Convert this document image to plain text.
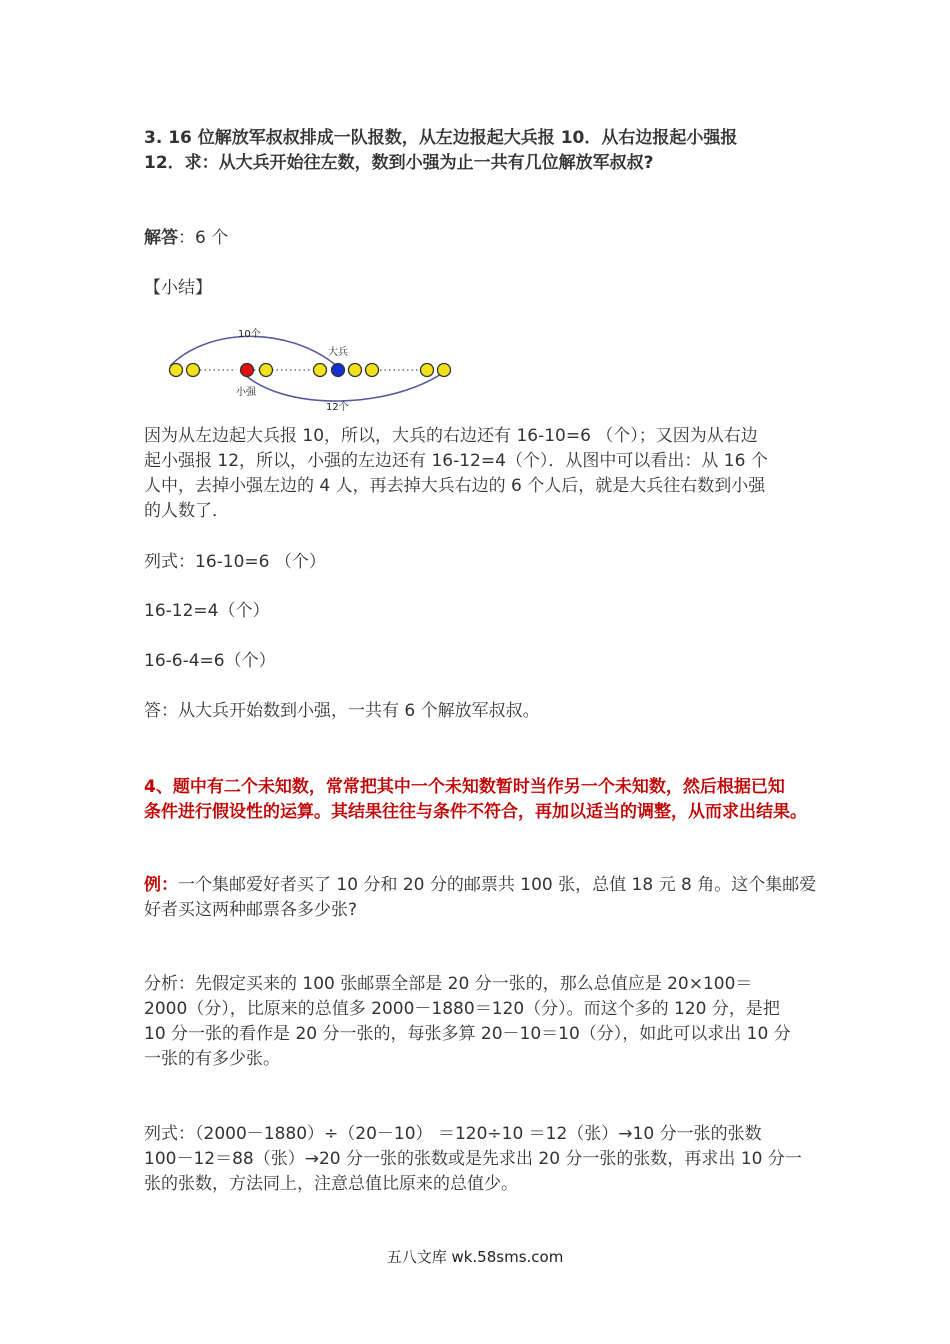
3. 16 位解放军叔叔排成一队报数，从左边报起大兵报 10．从右边报起小强报
12．求：从大兵开始往左数，数到小强为止一共有几位解放军叔叔?
解答：6 个
【小结】
10个
大兵
小强
12个
因为从左边起大兵报 10，所以，大兵的右边还有 16-10=6 （个）；又因为从右边
起小强报 12，所以，小强的左边还有 16-12=4（个）．从图中可以看出：从 16 个
人中，去掉小强左边的 4 人，再去掉大兵右边的 6 个人后，就是大兵往右数到小强
的人数了．
列式：16-10=6 （个）
16-12=4（个）
16-6-4=6（个）
答：从大兵开始数到小强，一共有 6 个解放军叔叔。
4、题中有二个未知数，常常把其中一个未知数暂时当作另一个未知数，然后根据已知
条件进行假设性的运算。其结果往往与条件不符合，再加以适当的调整，从而求出结果。
例：一个集邮爱好者买了 10 分和 20 分的邮票共 100 张，总值 18 元 8 角。这个集邮爱
好者买这两种邮票各多少张?
分析：先假定买来的 100 张邮票全部是 20 分一张的，那么总值应是 20×100＝
2000（分），比原来的总值多 2000－1880＝120（分）。而这个多的 120 分，是把
10 分一张的看作是 20 分一张的，每张多算 20－10＝10（分），如此可以求出 10 分
一张的有多少张。
列式：（2000－1880）÷（20－10） ＝120÷10 ＝12（张）→10 分一张的张数
100－12＝88（张）→20 分一张的张数或是先求出 20 分一张的张数，再求出 10 分一
张的张数，方法同上，注意总值比原来的总值少。
五八文库 wk.58sms.com
